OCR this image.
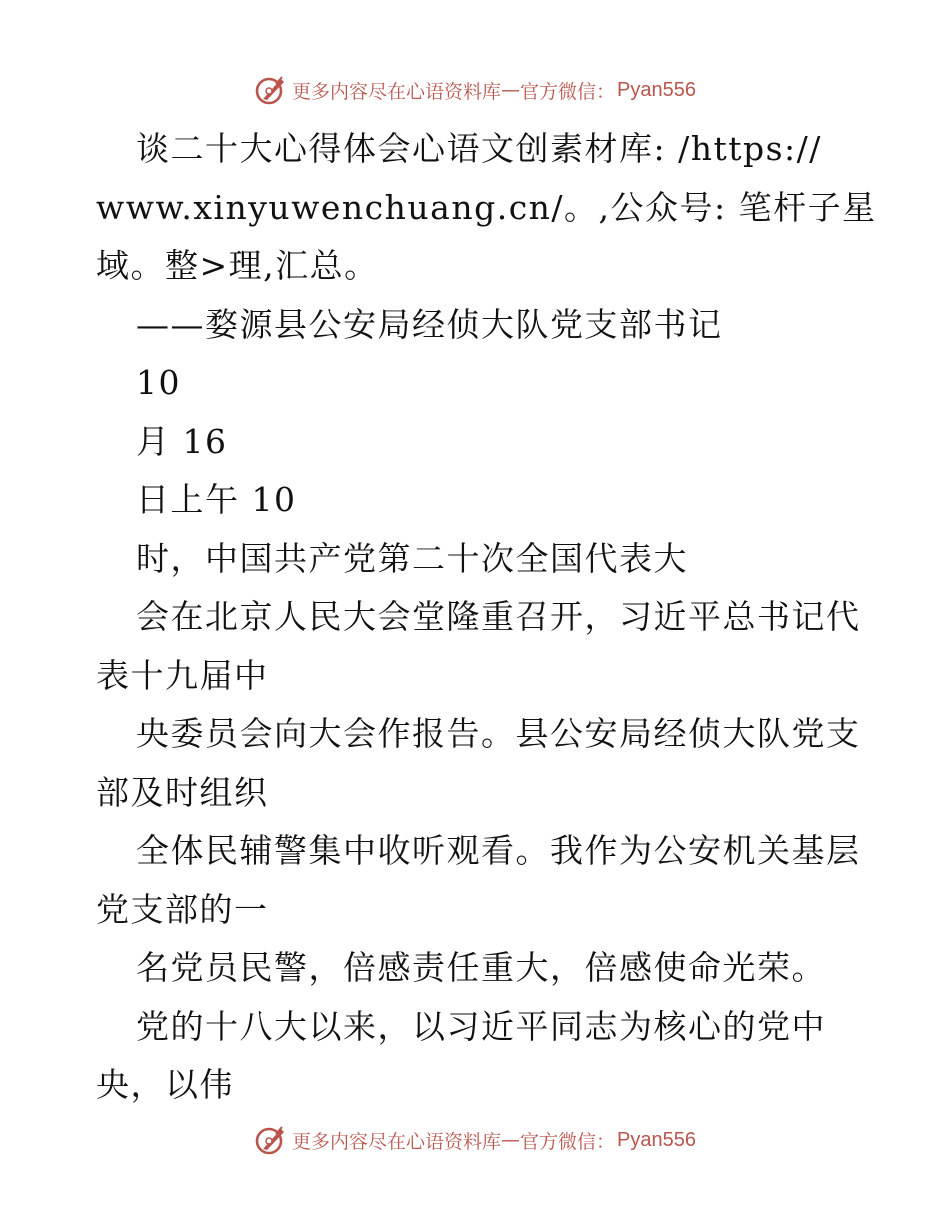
更多内容尽在心语资料库 — 官方微信： Pyan556
谈二十大心得体会心语文创素材库: /https://
www.xinyuwenchuang.cn/。,公众号: 笔杆子星
域。整>理,汇总。
——婺源县公安局经侦大队党支部书记
10
月 16
日上午 10
时，中国共产党第二十次全国代表大
会在北京人民大会堂隆重召开，习近平总书记代
表十九届中
央委员会向大会作报告。县公安局经侦大队党支
部及时组织
全体民辅警集中收听观看。我作为公安机关基层
党支部的一
名党员民警，倍感责任重大，倍感使命光荣。
党的十八大以来，以习近平同志为核心的党中
央，以伟
更多内容尽在心语资料库 — 官方微信： Pyan556
